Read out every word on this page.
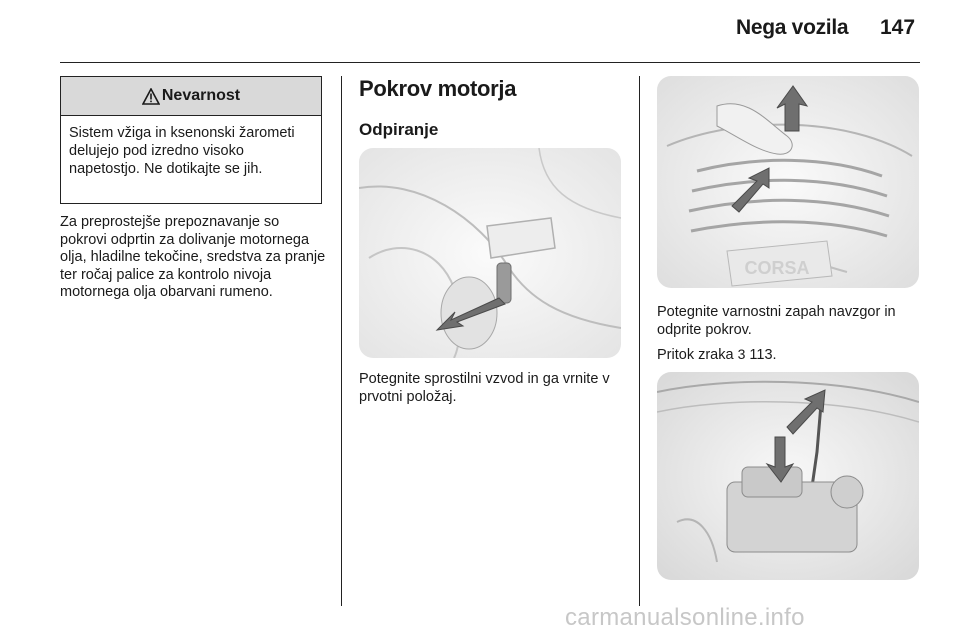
Nega vozila 147
Nevarnost
Sistem vžiga in ksenonski žarometi delujejo pod izredno visoko napetostjo. Ne dotikajte se jih.
Za preprostejše prepoznavanje so pokrovi odprtin za dolivanje motornega olja, hladilne tekočine, sredstva za pranje ter ročaj palice za kontrolo nivoja motornega olja obarvani rumeno.
Pokrov motorja
Odpiranje
Potegnite sprostilni vzvod in ga vrnite v prvotni položaj.
CORSA
Potegnite varnostni zapah navzgor in odprite pokrov.
Pritok zraka 3 113.
carmanualsonline.info
